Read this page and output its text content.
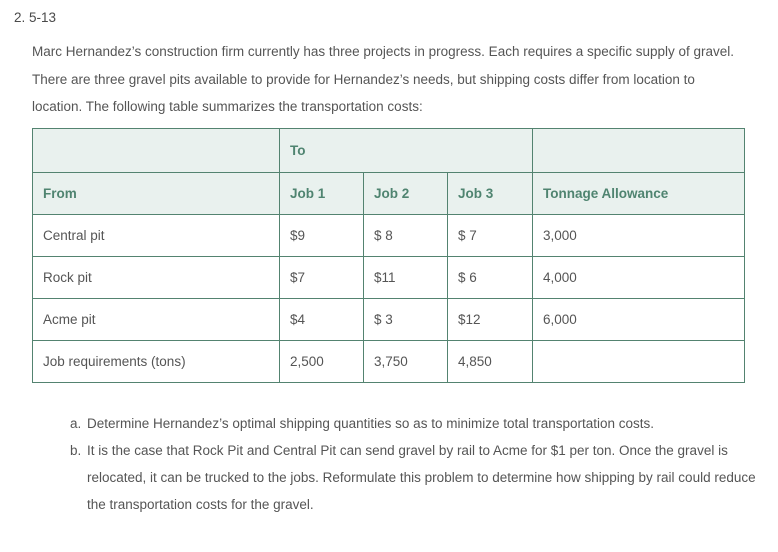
2. 5-13

Marc Hernandez’s construction firm currently has three projects in progress. Each requires a specific supply of gravel. There are three gravel pits available to provide for Hernandez’s needs, but shipping costs differ from location to location. The following table summarizes the transportation costs:

	To			
From	Job 1	Job 2	Job 3	Tonnage Allowance
Central pit	$9	$ 8	$ 7	3,000
Rock pit	$7	$11	$ 6	4,000
Acme pit	$4	$ 3	$12	6,000
Job requirements (tons)	2,500	3,750	4,850	
a. Determine Hernandez’s optimal shipping quantities so as to minimize total transportation costs.
b. It is the case that Rock Pit and Central Pit can send gravel by rail to Acme for $1 per ton. Once the gravel is relocated, it can be trucked to the jobs. Reformulate this problem to determine how shipping by rail could reduce the transportation costs for the gravel.
